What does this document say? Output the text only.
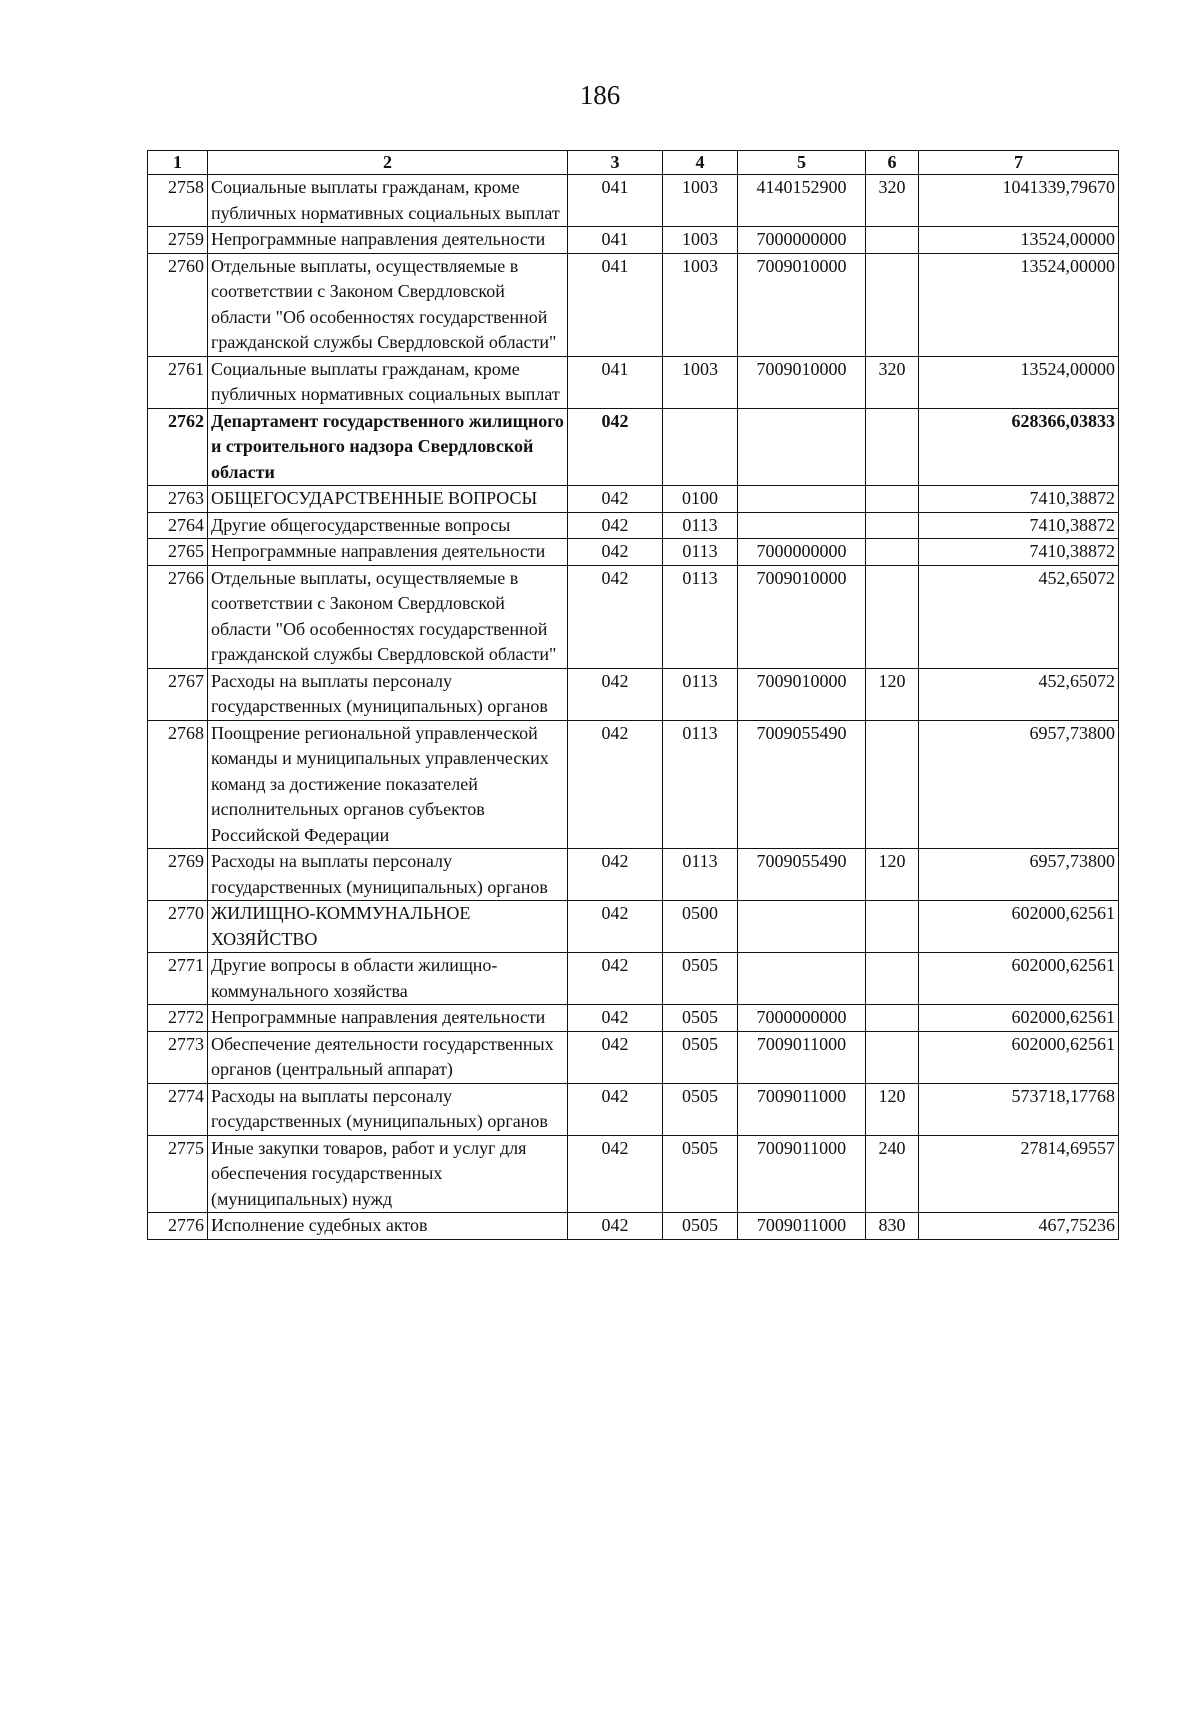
186
1	2	3	4	5	6	7
2758	Социальные выплаты гражданам, кроме публичных нормативных социальных выплат	041	1003	4140152900	320	1041339,79670
2759	Непрограммные направления деятельности	041	1003	7000000000		13524,00000
2760	Отдельные выплаты, осуществляемые в соответствии с Законом Свердловской области "Об особенностях государственной гражданской службы Свердловской области"	041	1003	7009010000		13524,00000
2761	Социальные выплаты гражданам, кроме публичных нормативных социальных выплат	041	1003	7009010000	320	13524,00000
2762	Департамент государственного жилищного и строительного надзора Свердловской области	042				628366,03833
2763	ОБЩЕГОСУДАРСТВЕННЫЕ ВОПРОСЫ	042	0100			7410,38872
2764	Другие общегосударственные вопросы	042	0113			7410,38872
2765	Непрограммные направления деятельности	042	0113	7000000000		7410,38872
2766	Отдельные выплаты, осуществляемые в соответствии с Законом Свердловской области "Об особенностях государственной гражданской службы Свердловской области"	042	0113	7009010000		452,65072
2767	Расходы на выплаты персоналу государственных (муниципальных) органов	042	0113	7009010000	120	452,65072
2768	Поощрение региональной управленческой команды и муниципальных управленческих команд за достижение показателей исполнительных органов субъектов Российской Федерации	042	0113	7009055490		6957,73800
2769	Расходы на выплаты персоналу государственных (муниципальных) органов	042	0113	7009055490	120	6957,73800
2770	ЖИЛИЩНО-КОММУНАЛЬНОЕ ХОЗЯЙСТВО	042	0500			602000,62561
2771	Другие вопросы в области жилищно-коммунального хозяйства	042	0505			602000,62561
2772	Непрограммные направления деятельности	042	0505	7000000000		602000,62561
2773	Обеспечение деятельности государственных органов (центральный аппарат)	042	0505	7009011000		602000,62561
2774	Расходы на выплаты персоналу государственных (муниципальных) органов	042	0505	7009011000	120	573718,17768
2775	Иные закупки товаров, работ и услуг для обеспечения государственных (муниципальных) нужд	042	0505	7009011000	240	27814,69557
2776	Исполнение судебных актов	042	0505	7009011000	830	467,75236
